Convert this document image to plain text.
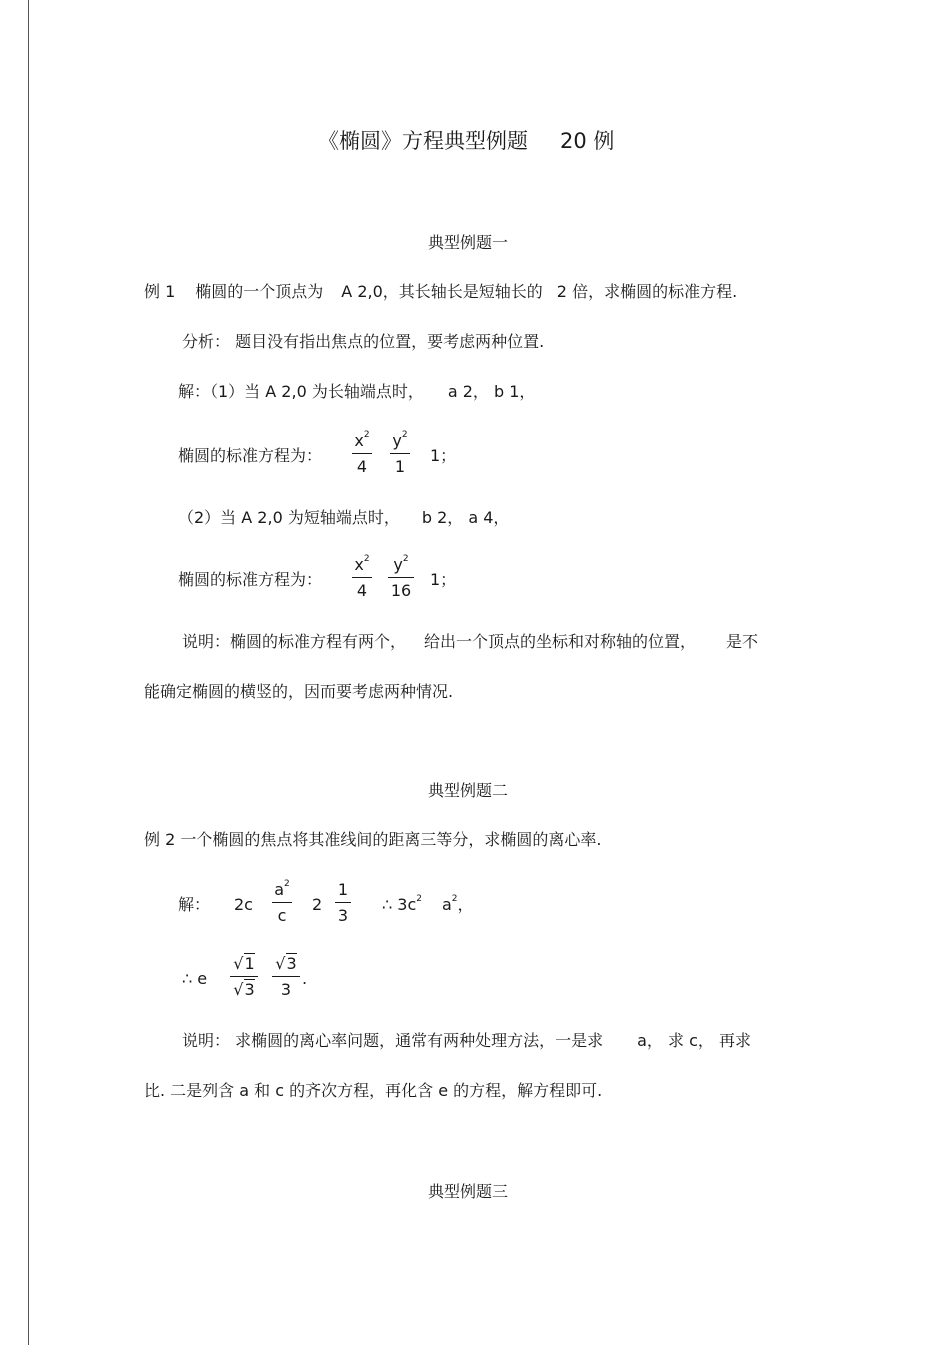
《椭圆》方程典型例题 20 例
典型例题一
例 1 椭圆的一个顶点为 A 2,0，其长轴长是短轴长的 2 倍，求椭圆的标准方程.
分析： 题目没有指出焦点的位置，要考虑两种位置.
解：（1）当 A 2,0 为长轴端点时， a 2， b 1，
椭圆的标准方程为：
$x^2$
4
$y^2$
1
1；
（2）当 A 2,0 为短轴端点时， b 2， a 4，
椭圆的标准方程为：
$x^2$
4
$y^2$
16
1；
说明：椭圆的标准方程有两个， 给出一个顶点的坐标和对称轴的位置， 是不
能确定椭圆的横竖的，因而要考虑两种情况.
典型例题二
例 2 一个椭圆的焦点将其准线间的距离三等分，求椭圆的离心率.
解： 2c
$a^2$
c
2
1
3
∴ $3c^2$ $a^2$，
∴ e
√1
√3
√3
3
.
说明： 求椭圆的离心率问题，通常有两种处理方法，一是求 a， 求 c， 再求
比. 二是列含 a 和 c 的齐次方程，再化含 e 的方程，解方程即可.
典型例题三
